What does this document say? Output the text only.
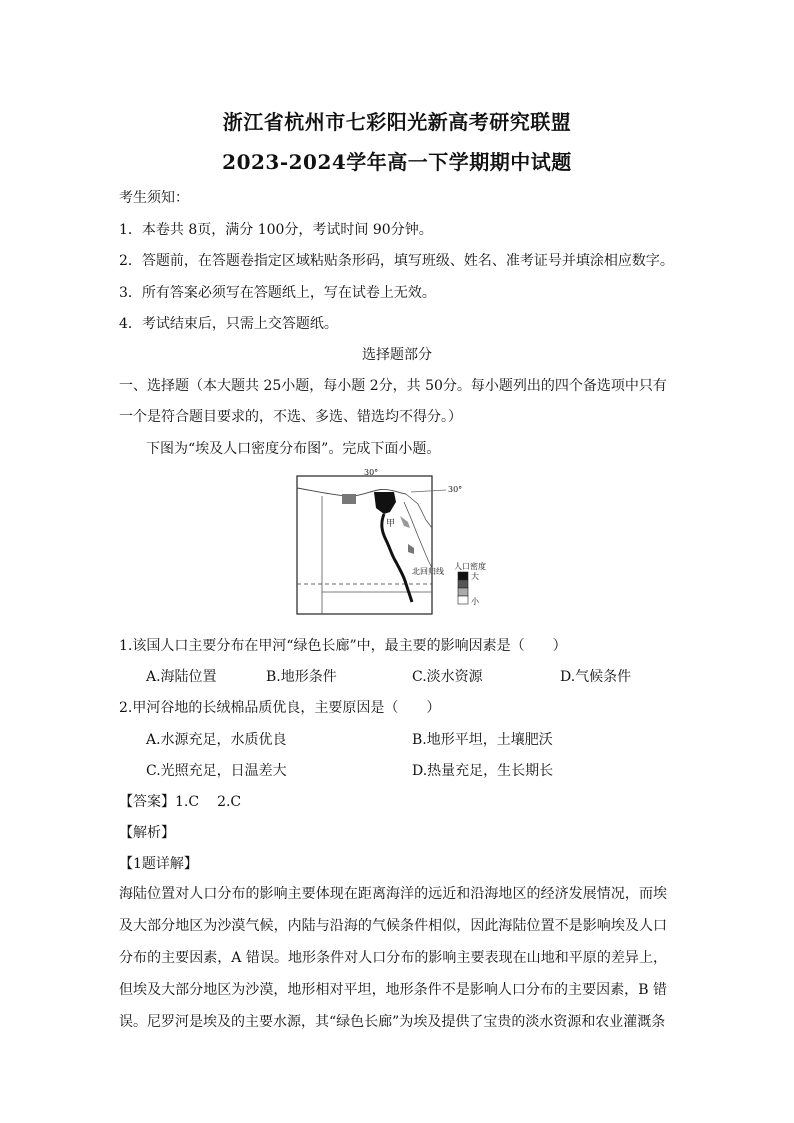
浙江省杭州市七彩阳光新高考研究联盟
2023-2024学年高一下学期期中试题
考生须知：
1．本卷共 8页，满分 100分，考试时间 90分钟。
2．答题前，在答题卷指定区域粘贴条形码，填写班级、姓名、准考证号并填涂相应数字。
3．所有答案必须写在答题纸上，写在试卷上无效。
4．考试结束后，只需上交答题纸。
选择题部分
一、选择题（本大题共 25小题，每小题 2分，共 50分。每小题列出的四个备选项中只有
一个是符合题目要求的，不选、多选、错选均不得分。）
下图为“埃及人口密度分布图”。完成下面小题。
30°
30°
甲
北回归线
人口密度
大
小
1.该国人口主要分布在甲河“绿色长廊”中，最主要的影响因素是（　　）
A.海陆位置	B.地形条件	C.淡水资源	D.气候条件
2.甲河谷地的长绒棉品质优良，主要原因是（　　）
A.水源充足，水质优良	B.地形平坦，土壤肥沃
C.光照充足，日温差大	D.热量充足，生长期长
【答案】1.C 2.C
【解析】
【1题详解】
海陆位置对人口分布的影响主要体现在距离海洋的远近和沿海地区的经济发展情况，而埃及大部分地区为沙漠气候，内陆与沿海的气候条件相似，因此海陆位置不是影响埃及人口分布的主要因素，A 错误。地形条件对人口分布的影响主要表现在山地和平原的差异上，但埃及大部分地区为沙漠，地形相对平坦，地形条件不是影响人口分布的主要因素，B 错误。尼罗河是埃及的主要水源，其“绿色长廊”为埃及提供了宝贵的淡水资源和农业灌溉条
